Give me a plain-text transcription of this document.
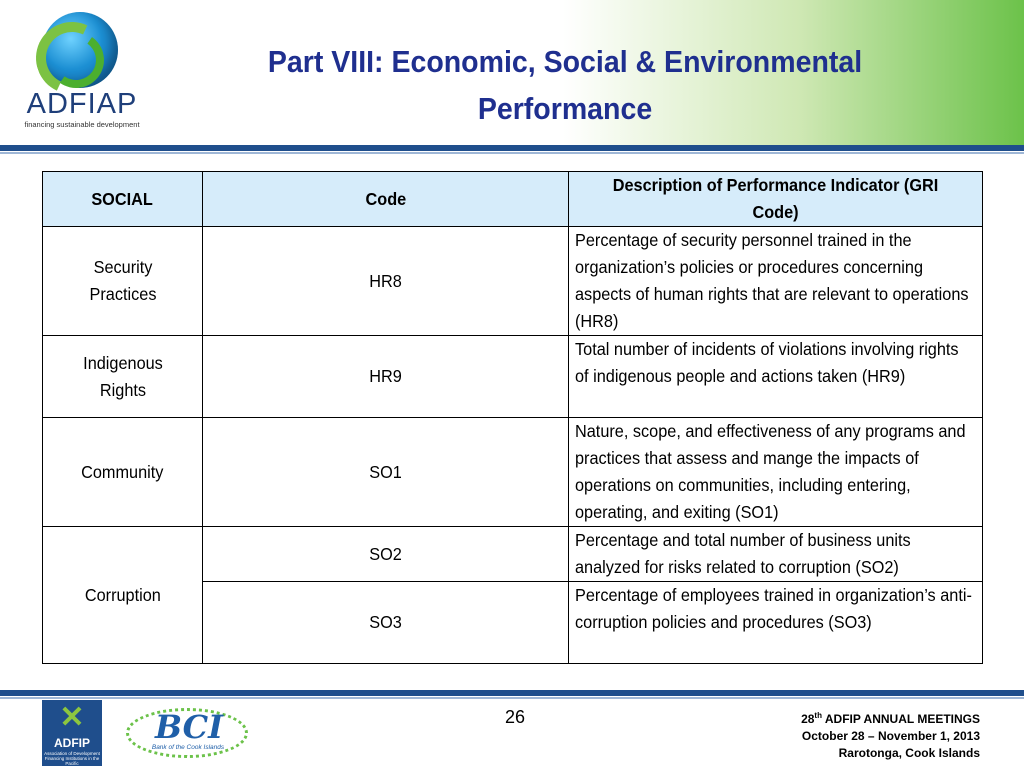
ADFIAP
financing sustainable development
Part VIII: Economic, Social & Environmental
Performance
SOCIAL	Code	Description of Performance Indicator (GRI Code)
Security Practices	HR8	Percentage of security personnel trained in the organization’s policies or procedures concerning aspects of human rights that are relevant to operations (HR8)
Indigenous Rights	HR9	Total number of incidents of violations involving rights of indigenous people and actions taken (HR9)
Community	SO1	Nature, scope, and effectiveness of any programs and practices that assess and mange the impacts of operations on communities, including entering, operating, and exiting (SO1)
Corruption	SO2	Percentage and total number of business units analyzed for risks related to corruption (SO2)
	SO3	Percentage of employees trained in organization’s anti-corruption policies and procedures (SO3)
✕
ADFIP
Association of Development Financing Institutions in the Pacific
BCI
Bank of the Cook Islands
26	28th ADFIP ANNUAL MEETINGS
October 28 – November 1, 2013
Rarotonga, Cook Islands
